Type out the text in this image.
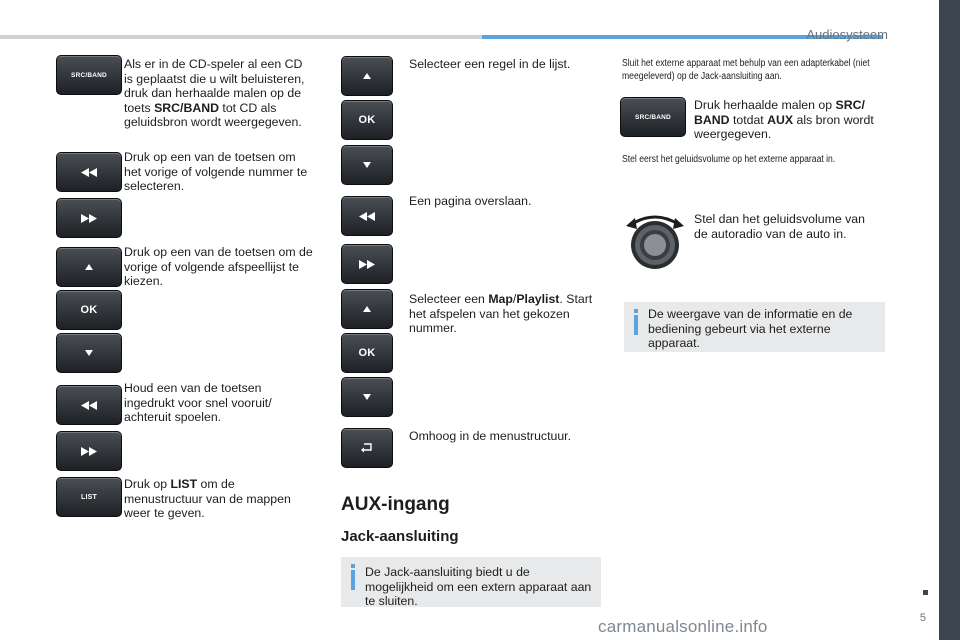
Audiosysteem
5
carmanualsonline.info
SRC/BAND
Als er in de CD-speler al een CD is geplaatst die u wilt beluisteren, druk dan herhaalde malen op de toets SRC/BAND tot CD als geluidsbron wordt weergegeven.
Druk op een van de toetsen om het vorige of volgende nummer te selecteren.
OK
Druk op een van de toetsen om de vorige of volgende afspeellijst te kiezen.
Houd een van de toetsen ingedrukt voor snel vooruit/ achteruit spoelen.
LIST
Druk op LIST om de menustructuur van de mappen weer te geven.
OK
Selecteer een regel in de lijst.
Een pagina overslaan.
OK
Selecteer een Map/Playlist. Start het afspelen van het gekozen nummer.
Omhoog in de menustructuur.
AUX-ingang
Jack-aansluiting
De Jack-aansluiting biedt u de mogelijkheid om een extern apparaat aan te sluiten.
Sluit het externe apparaat met behulp van een adapterkabel (niet meegeleverd) op de Jack-aansluiting aan.
SRC/BAND
Druk herhaalde malen op SRC/ BAND totdat AUX als bron wordt weergegeven.
Stel eerst het geluidsvolume op het externe apparaat in.
Stel dan het geluidsvolume van de autoradio van de auto in.
De weergave van de informatie en de bediening gebeurt via het externe apparaat.
